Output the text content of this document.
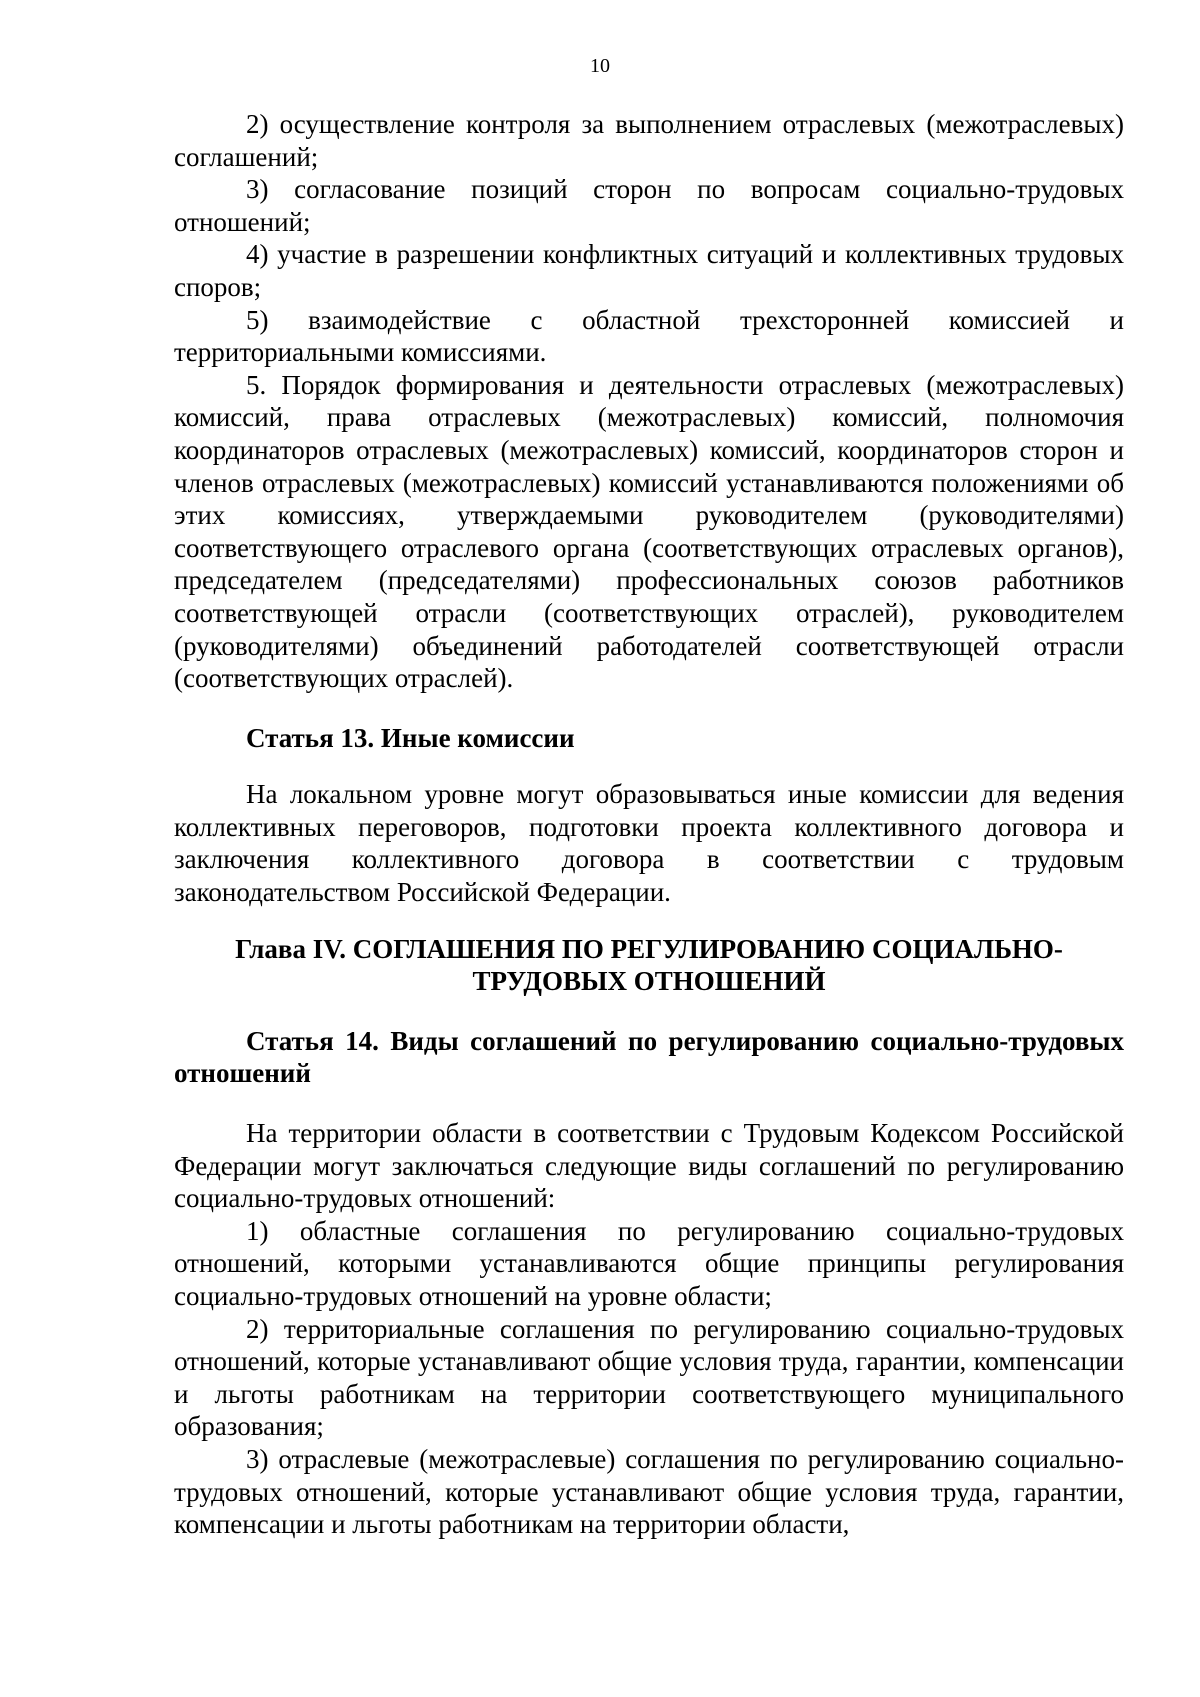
10

2) осуществление контроля за выполнением отраслевых (межотраслевых) соглашений;

3) согласование позиций сторон по вопросам социально-трудовых отношений;

4) участие в разрешении конфликтных ситуаций и коллективных трудовых споров;

5) взаимодействие с областной трехсторонней комиссией и территориальными комиссиями.

5. Порядок формирования и деятельности отраслевых (межотраслевых) комиссий, права отраслевых (межотраслевых) комиссий, полномочия координаторов отраслевых (межотраслевых) комиссий, координаторов сторон и членов отраслевых (межотраслевых) комиссий устанавливаются положениями об этих комиссиях, утверждаемыми руководителем (руководителями) соответствующего отраслевого органа (соответствующих отраслевых органов), председателем (председателями) профессиональных союзов работников соответствующей отрасли (соответствующих отраслей), руководителем (руководителями) объединений работодателей соответствующей отрасли (соответствующих отраслей).

Статья 13. Иные комиссии

На локальном уровне могут образовываться иные комиссии для ведения коллективных переговоров, подготовки проекта коллективного договора и заключения коллективного договора в соответствии с трудовым законодательством Российской Федерации.

Глава IV. СОГЛАШЕНИЯ ПО РЕГУЛИРОВАНИЮ СОЦИАЛЬНО-
ТРУДОВЫХ ОТНОШЕНИЙ

Статья 14. Виды соглашений по регулированию социально-трудовых отношений

На территории области в соответствии с Трудовым Кодексом Российской Федерации могут заключаться следующие виды соглашений по регулированию социально-трудовых отношений:

1) областные соглашения по регулированию социально-трудовых отношений, которыми устанавливаются общие принципы регулирования социально-трудовых отношений на уровне области;

2) территориальные соглашения по регулированию социально-трудовых отношений, которые устанавливают общие условия труда, гарантии, компенсации и льготы работникам на территории соответствующего муниципального образования;

3) отраслевые (межотраслевые) соглашения по регулированию социально-трудовых отношений, которые устанавливают общие условия труда, гарантии, компенсации и льготы работникам на территории области,
